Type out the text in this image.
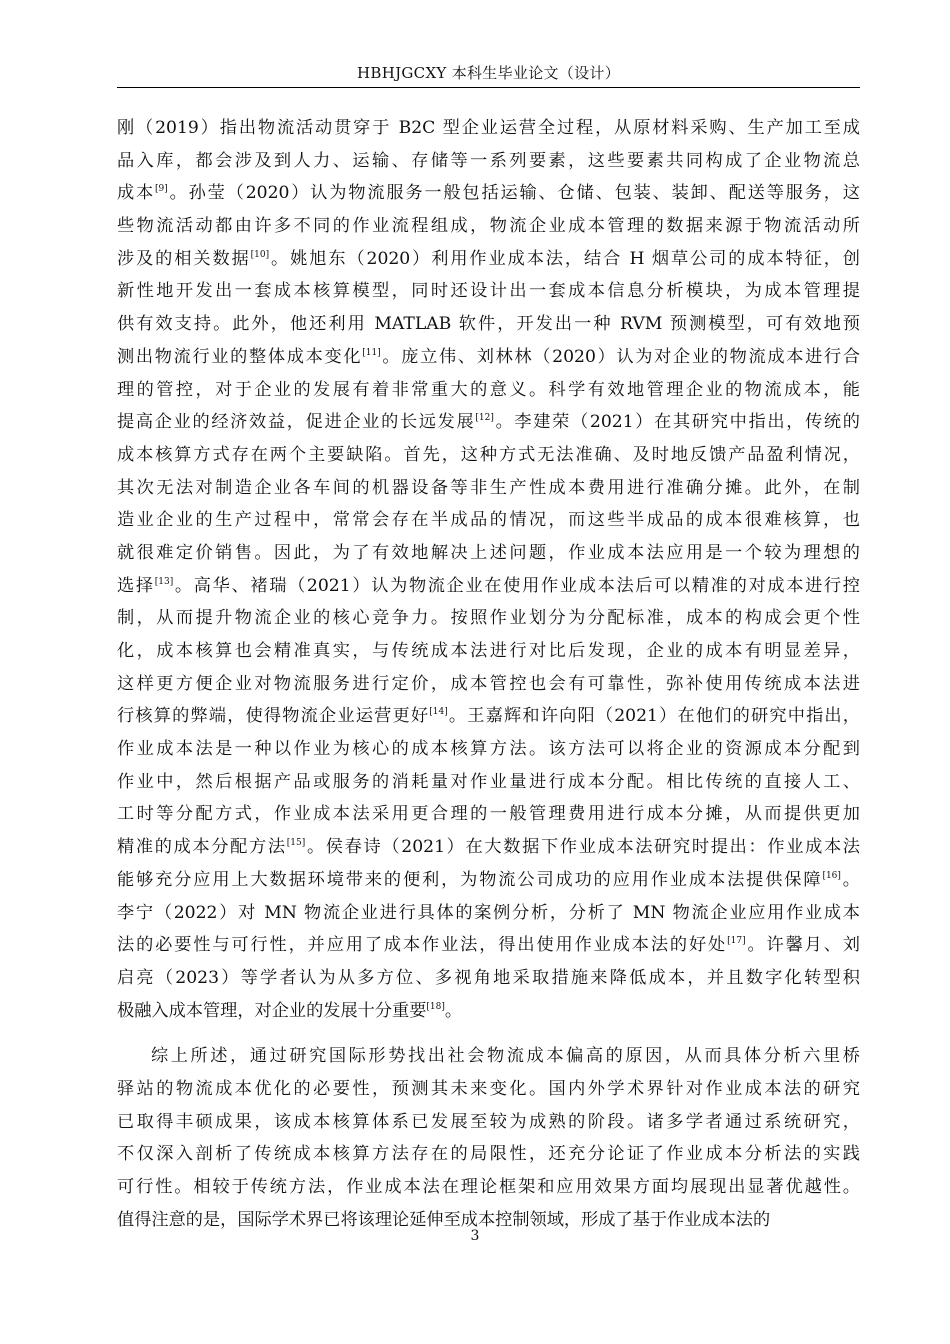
HBHJGCXY 本科生毕业论文（设计）
刚（2019）指出物流活动贯穿于 B2C 型企业运营全过程，从原材料采购、生产加工至成
品入库，都会涉及到人力、运输、存储等一系列要素，这些要素共同构成了企业物流总
成本[9]。孙莹（2020）认为物流服务一般包括运输、仓储、包装、装卸、配送等服务，这
些物流活动都由许多不同的作业流程组成，物流企业成本管理的数据来源于物流活动所
涉及的相关数据[10]。姚旭东（2020）利用作业成本法，结合 H 烟草公司的成本特征，创
新性地开发出一套成本核算模型，同时还设计出一套成本信息分析模块，为成本管理提
供有效支持。此外，他还利用 MATLAB 软件，开发出一种 RVM 预测模型，可有效地预
测出物流行业的整体成本变化[11]。庞立伟、刘林林（2020）认为对企业的物流成本进行合
理的管控，对于企业的发展有着非常重大的意义。科学有效地管理企业的物流成本，能
提高企业的经济效益，促进企业的长远发展[12]。李建荣（2021）在其研究中指出，传统的
成本核算方式存在两个主要缺陷。首先，这种方式无法准确、及时地反馈产品盈利情况，
其次无法对制造企业各车间的机器设备等非生产性成本费用进行准确分摊。此外，在制
造业企业的生产过程中，常常会存在半成品的情况，而这些半成品的成本很难核算，也
就很难定价销售。因此，为了有效地解决上述问题，作业成本法应用是一个较为理想的
选择[13]。高华、褚瑞（2021）认为物流企业在使用作业成本法后可以精准的对成本进行控
制，从而提升物流企业的核心竞争力。按照作业划分为分配标准，成本的构成会更个性
化，成本核算也会精准真实，与传统成本法进行对比后发现，企业的成本有明显差异，
这样更方便企业对物流服务进行定价，成本管控也会有可靠性，弥补使用传统成本法进
行核算的弊端，使得物流企业运营更好[14]。王嘉辉和许向阳（2021）在他们的研究中指出，
作业成本法是一种以作业为核心的成本核算方法。该方法可以将企业的资源成本分配到
作业中，然后根据产品或服务的消耗量对作业量进行成本分配。相比传统的直接人工、
工时等分配方式，作业成本法采用更合理的一般管理费用进行成本分摊，从而提供更加
精准的成本分配方法[15]。侯春诗（2021）在大数据下作业成本法研究时提出：作业成本法
能够充分应用上大数据环境带来的便利，为物流公司成功的应用作业成本法提供保障[16]。
李宁（2022）对 MN 物流企业进行具体的案例分析，分析了 MN 物流企业应用作业成本
法的必要性与可行性，并应用了成本作业法，得出使用作业成本法的好处[17]。许馨月、刘
启亮（2023）等学者认为从多方位、多视角地采取措施来降低成本，并且数字化转型积
极融入成本管理，对企业的发展十分重要[18]。
综上所述，通过研究国际形势找出社会物流成本偏高的原因，从而具体分析六里桥
驿站的物流成本优化的必要性，预测其未来变化。国内外学术界针对作业成本法的研究
已取得丰硕成果，该成本核算体系已发展至较为成熟的阶段。诸多学者通过系统研究，
不仅深入剖析了传统成本核算方法存在的局限性，还充分论证了作业成本分析法的实践
可行性。相较于传统方法，作业成本法在理论框架和应用效果方面均展现出显著优越性。
值得注意的是，国际学术界已将该理论延伸至成本控制领域，形成了基于作业成本法的
3
